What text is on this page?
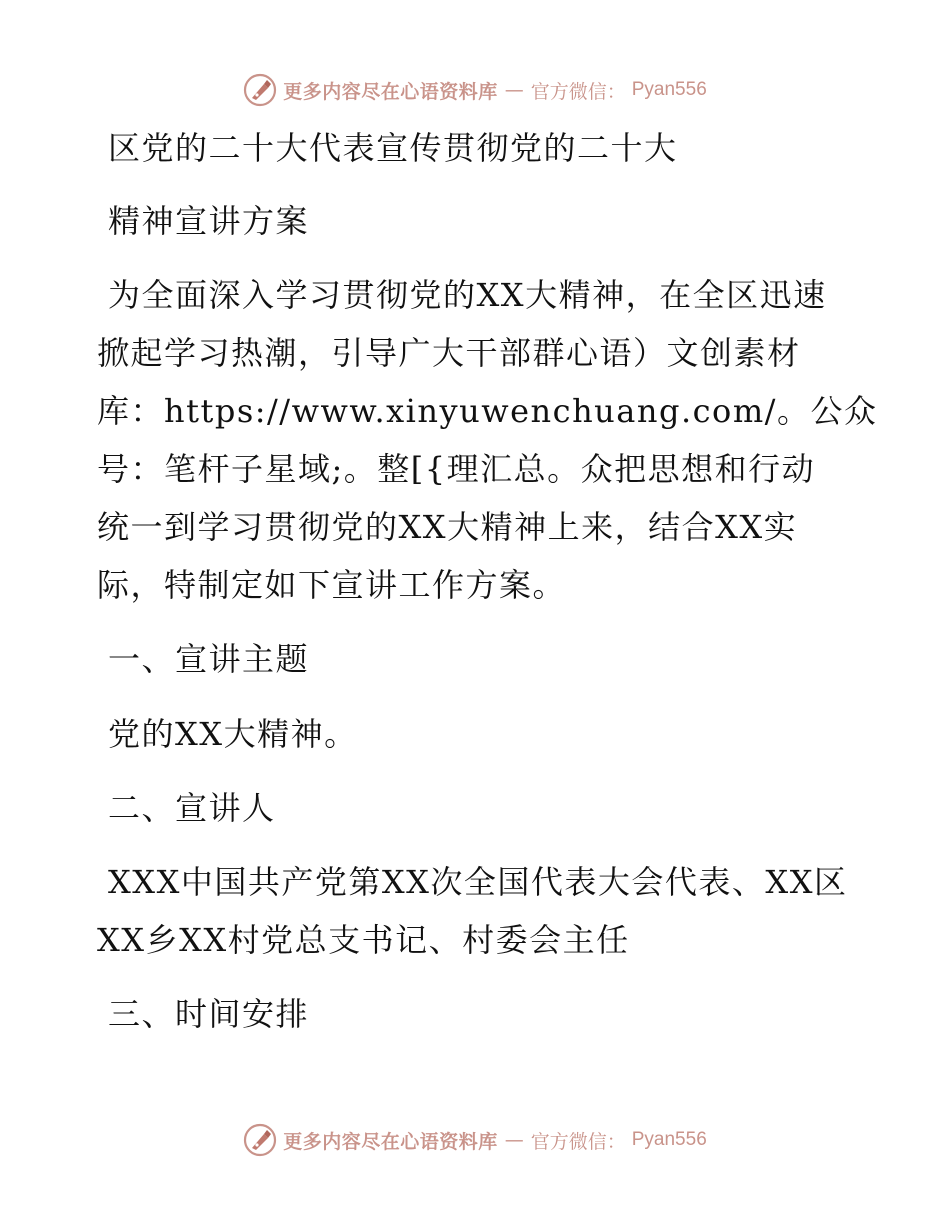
更多内容尽在心语资料库 — 官方微信： Pyan556
区党的二十大代表宣传贯彻党的二十大
精神宣讲方案
为全面深入学习贯彻党的XX大精神，在全区迅速
掀起学习热潮，引导广大干部群心语）文创素材
库：https://www.xinyuwenchuang.com/。公众
号：笔杆子星域;。整[{理汇总。众把思想和行动
统一到学习贯彻党的XX大精神上来，结合XX实
际，特制定如下宣讲工作方案。
一、宣讲主题
党的XX大精神。
二、宣讲人
XXX中国共产党第XX次全国代表大会代表、XX区
XX乡XX村党总支书记、村委会主任
三、时间安排
更多内容尽在心语资料库 — 官方微信： Pyan556
